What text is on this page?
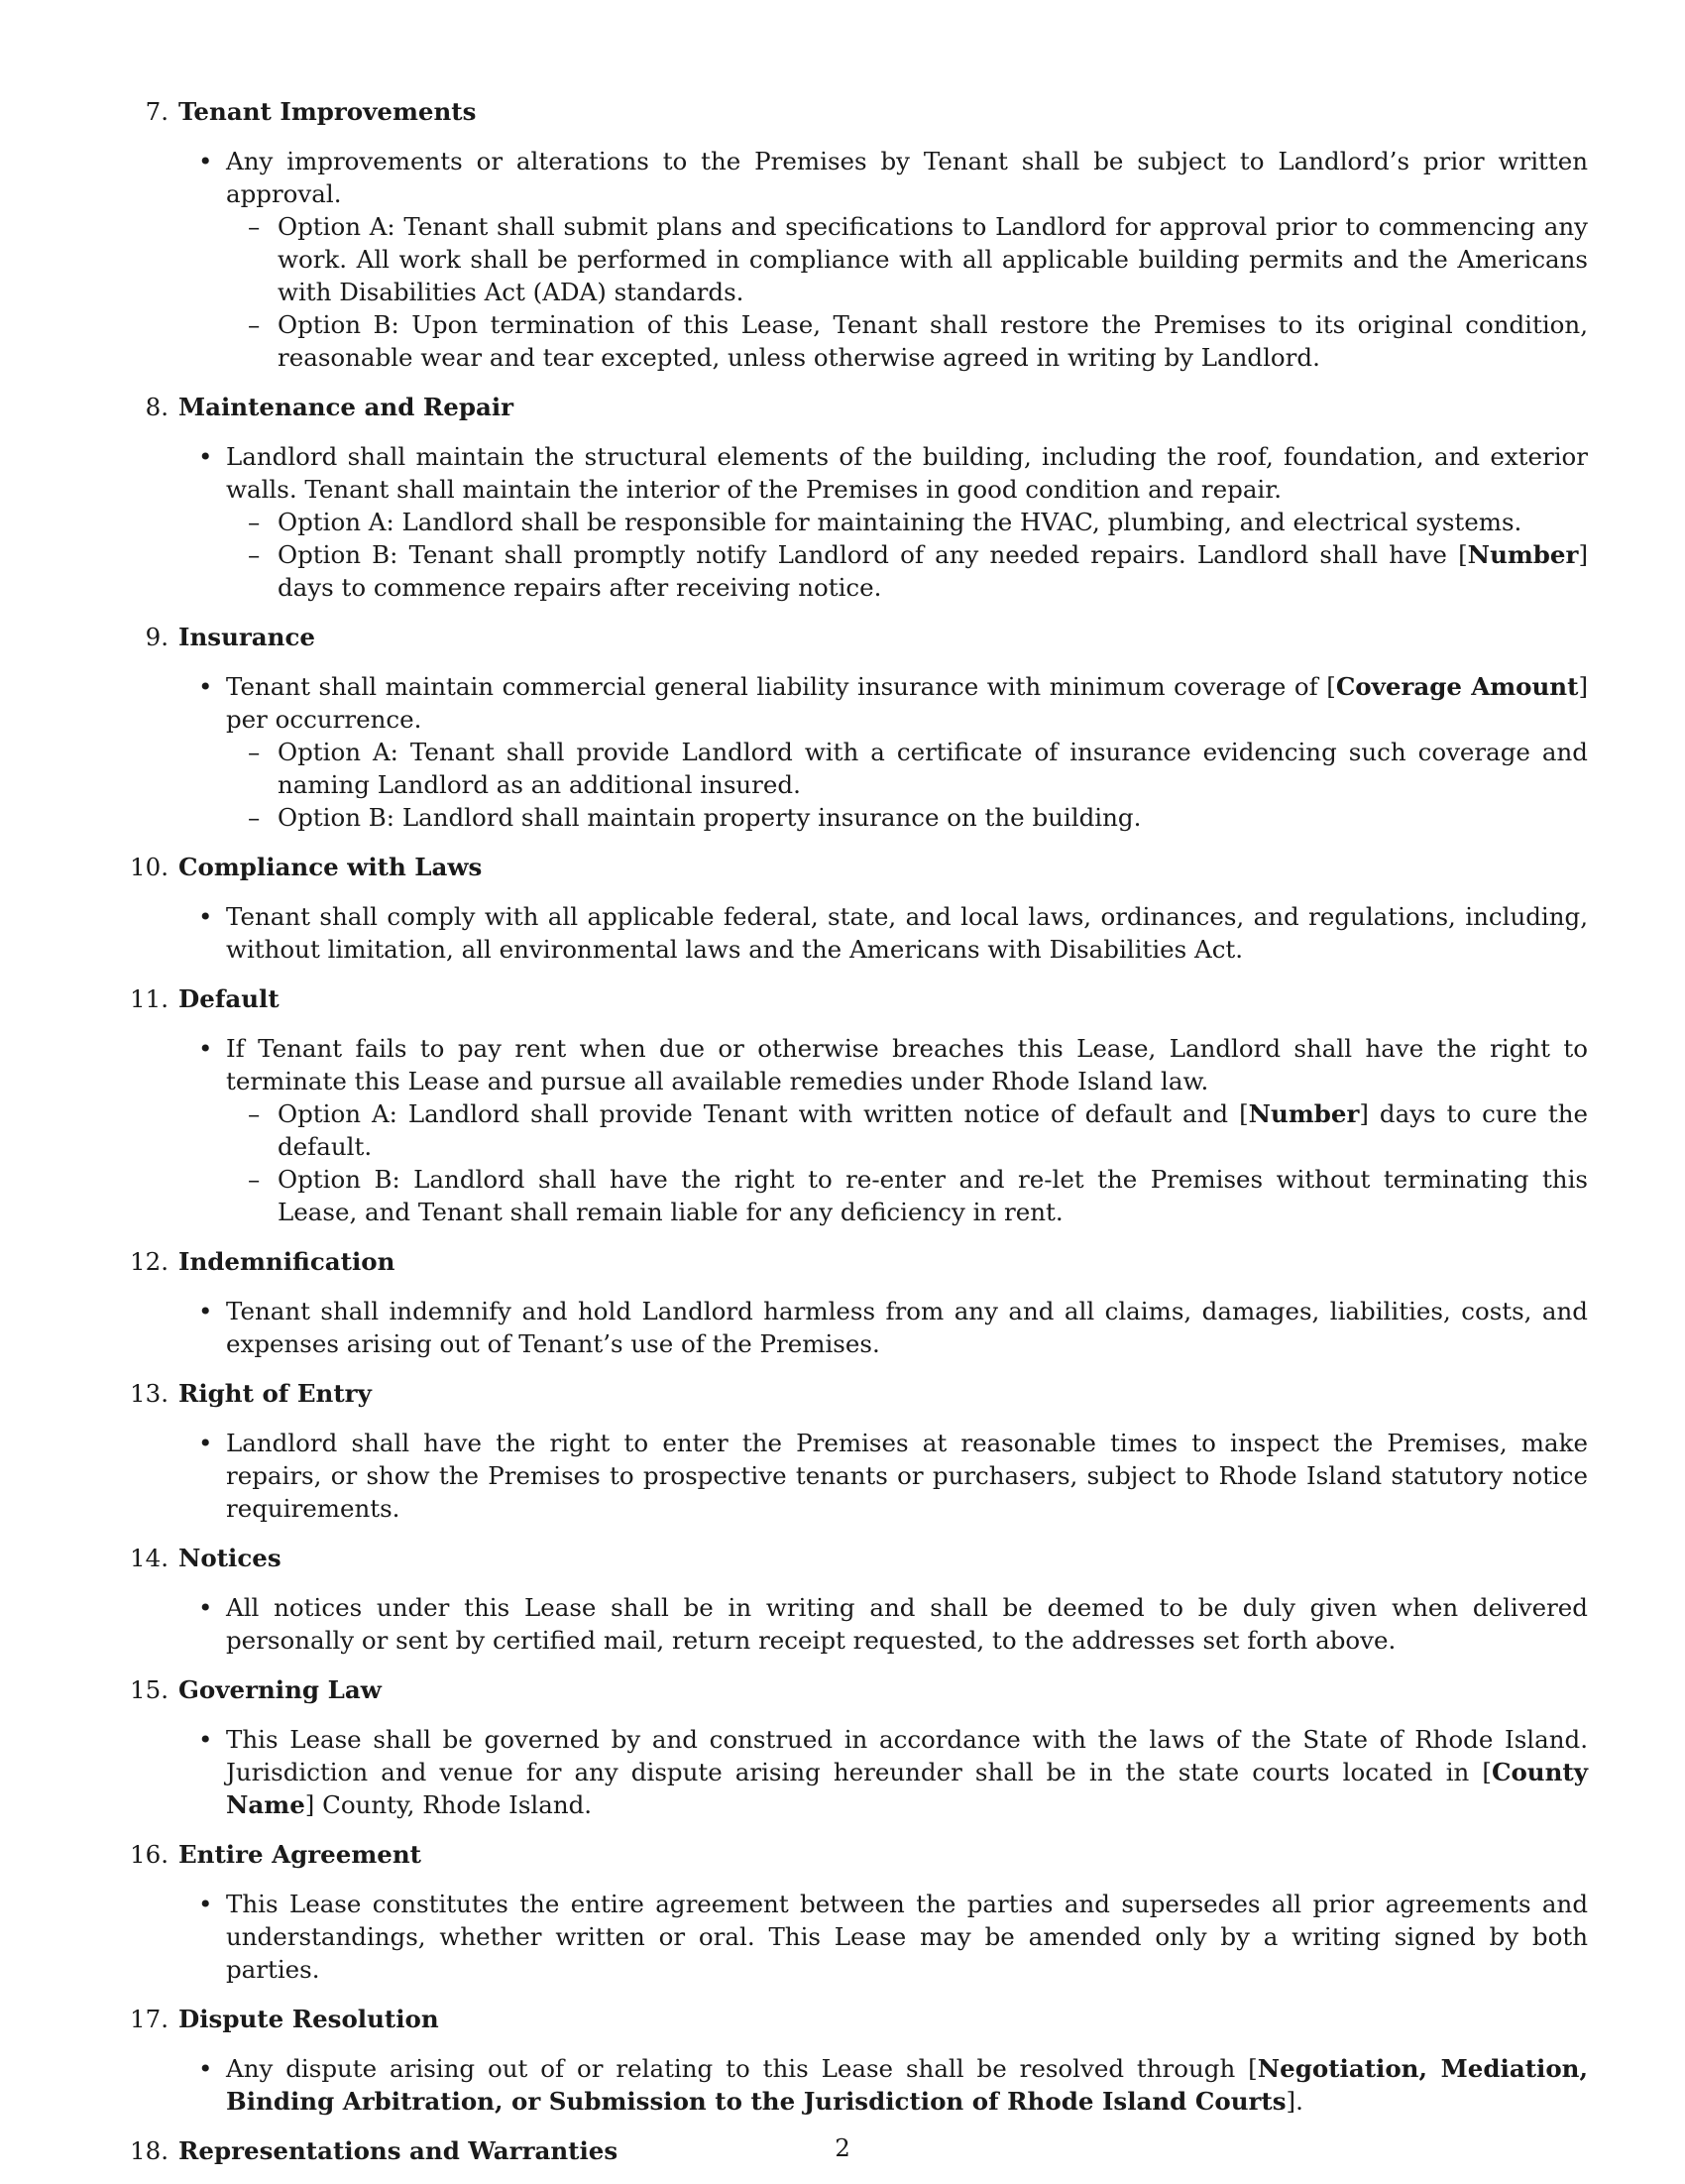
7. Tenant Improvements
• Any improvements or alterations to the Premises by Tenant shall be subject to Landlord’s prior written approval.
– Option A: Tenant shall submit plans and specifications to Landlord for approval prior to commencing any work. All work shall be performed in compliance with all applicable building permits and the Americans with Disabilities Act (ADA) standards.
– Option B: Upon termination of this Lease, Tenant shall restore the Premises to its original condition, reasonable wear and tear excepted, unless otherwise agreed in writing by Landlord.
8. Maintenance and Repair
• Landlord shall maintain the structural elements of the building, including the roof, foundation, and exterior walls. Tenant shall maintain the interior of the Premises in good condition and repair.
– Option A: Landlord shall be responsible for maintaining the HVAC, plumbing, and electrical systems.
– Option B: Tenant shall promptly notify Landlord of any needed repairs. Landlord shall have [Number] days to commence repairs after receiving notice.
9. Insurance
• Tenant shall maintain commercial general liability insurance with minimum coverage of [Coverage Amount] per occurrence.
– Option A: Tenant shall provide Landlord with a certificate of insurance evidencing such coverage and naming Landlord as an additional insured.
– Option B: Landlord shall maintain property insurance on the building.
10. Compliance with Laws
• Tenant shall comply with all applicable federal, state, and local laws, ordinances, and regulations, including, without limitation, all environmental laws and the Americans with Disabilities Act.
11. Default
• If Tenant fails to pay rent when due or otherwise breaches this Lease, Landlord shall have the right to terminate this Lease and pursue all available remedies under Rhode Island law.
– Option A: Landlord shall provide Tenant with written notice of default and [Number] days to cure the default.
– Option B: Landlord shall have the right to re-enter and re-let the Premises without terminating this Lease, and Tenant shall remain liable for any deficiency in rent.
12. Indemnification
• Tenant shall indemnify and hold Landlord harmless from any and all claims, damages, liabilities, costs, and expenses arising out of Tenant’s use of the Premises.
13. Right of Entry
• Landlord shall have the right to enter the Premises at reasonable times to inspect the Premises, make repairs, or show the Premises to prospective tenants or purchasers, subject to Rhode Island statutory notice requirements.
14. Notices
• All notices under this Lease shall be in writing and shall be deemed to be duly given when delivered personally or sent by certified mail, return receipt requested, to the addresses set forth above.
15. Governing Law
• This Lease shall be governed by and construed in accordance with the laws of the State of Rhode Island. Jurisdiction and venue for any dispute arising hereunder shall be in the state courts located in [County Name] County, Rhode Island.
16. Entire Agreement
• This Lease constitutes the entire agreement between the parties and supersedes all prior agreements and understandings, whether written or oral. This Lease may be amended only by a writing signed by both parties.
17. Dispute Resolution
• Any dispute arising out of or relating to this Lease shall be resolved through [Negotiation, Mediation, Binding Arbitration, or Submission to the Jurisdiction of Rhode Island Courts].
18. Representations and Warranties	2
